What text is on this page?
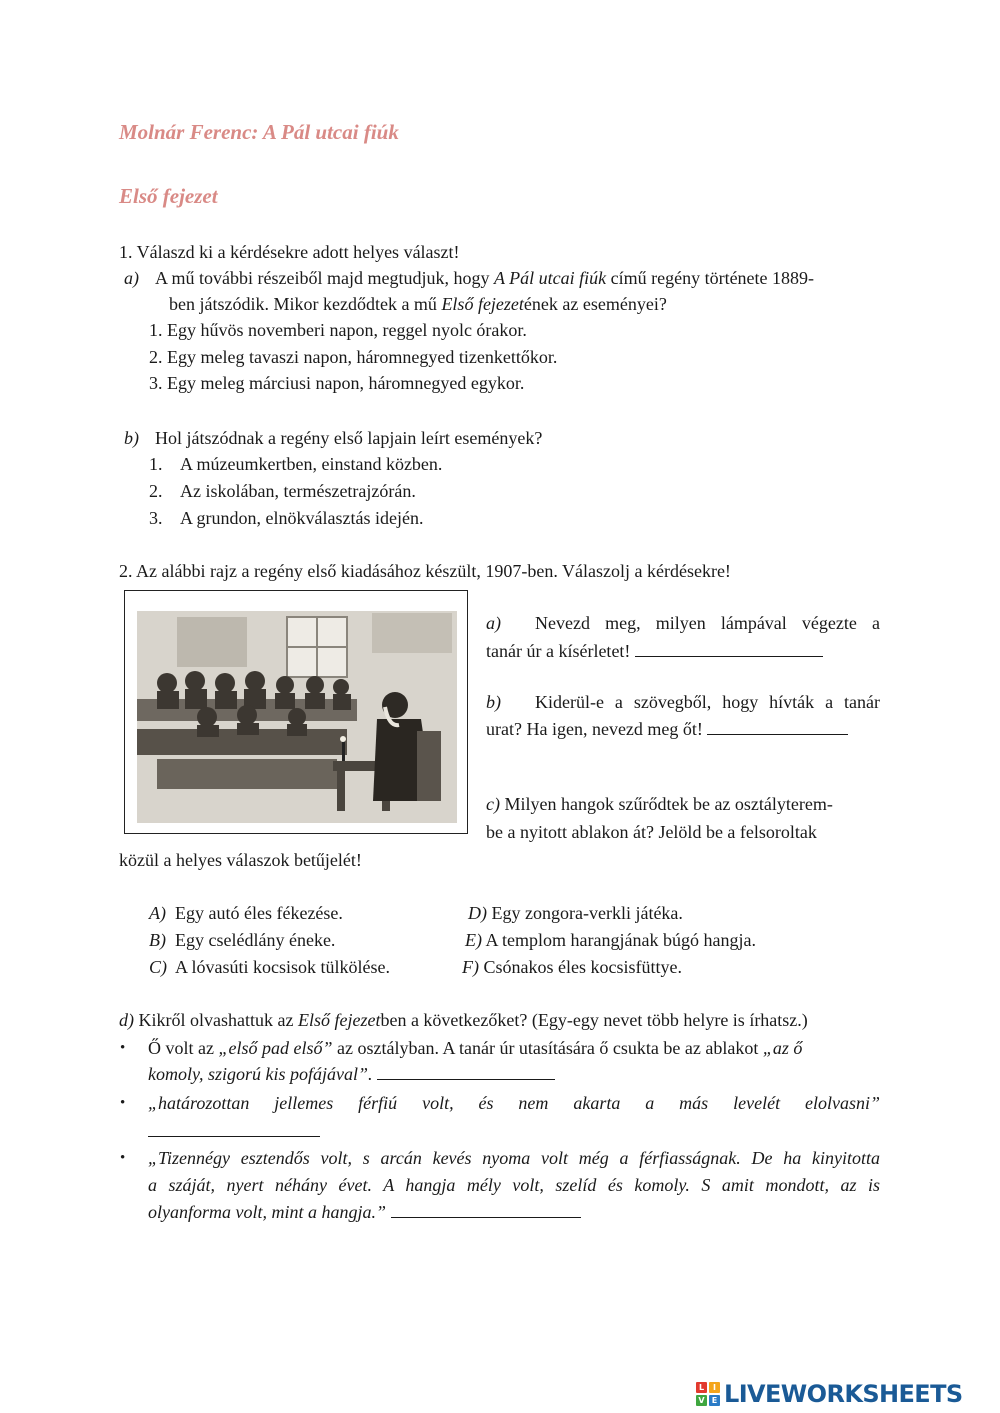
Molnár Ferenc: A Pál utcai fiúk
Első fejezet
1. Válaszd ki a kérdésekre adott helyes választ!
a) A mű további részeiből majd megtudjuk, hogy A Pál utcai fiúk című regény története 1889-
ben játszódik. Mikor kezdődtek a mű Első fejezetének az eseményei?
1. Egy hűvös novemberi napon, reggel nyolc órakor.
2. Egy meleg tavaszi napon, háromnegyed tizenkettőkor.
3. Egy meleg márciusi napon, háromnegyed egykor.
b) Hol játszódnak a regény első lapjain leírt események?
1. A múzeumkertben, einstand közben.
2. Az iskolában, természetrajzórán.
3. A grundon, elnökválasztás idején.
2. Az alábbi rajz a regény első kiadásához készült, 1907-ben. Válaszolj a kérdésekre!
a) Nevezd meg, milyen lámpával végezte a
tanár úr a kísérletet!
b) Kiderül-e a szövegből, hogy hívták a tanár
urat? Ha igen, nevezd meg őt!
c) Milyen hangok szűrődtek be az osztályterem-
be a nyitott ablakon át? Jelöld be a felsoroltak
közül a helyes válaszok betűjelét!
A) Egy autó éles fékezése.
B) Egy cselédlány éneke.
C) A lóvasúti kocsisok tülkölése.
D) Egy zongora-verkli játéka.
E) A templom harangjának búgó hangja.
F) Csónakos éles kocsisfüttye.
d) Kikről olvashattuk az Első fejezetben a következőket? (Egy-egy nevet több helyre is írhatsz.)
• Ő volt az „első pad első” az osztályban. A tanár úr utasítására ő csukta be az ablakot „az ő
komoly, szigorú kis pofájával”.
• „határozottan jellemes férfiú volt, és nem akarta a más levelét elolvasni”
• „Tizennégy esztendős volt, s arcán kevés nyoma volt még a férfiasságnak. De ha kinyitotta
a száját, nyert néhány évet. A hangja mély volt, szelíd és komoly. S amit mondott, az is
olyanforma volt, mint a hangja.”
L	I
V E LIVEWORKSHEETS
